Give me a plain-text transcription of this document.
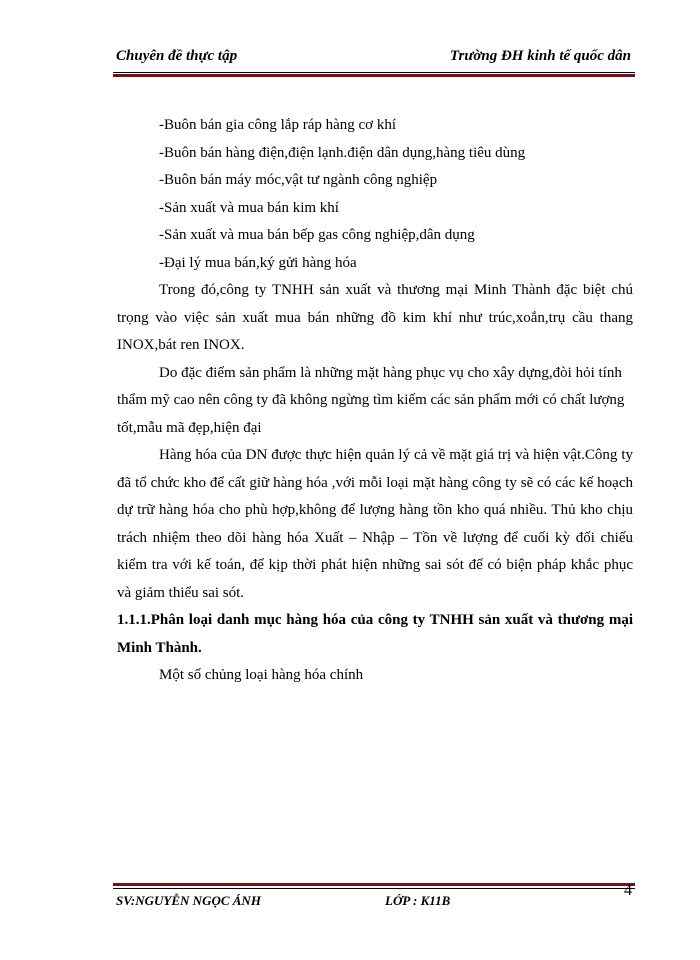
Chuyên đề thực tập	Trường ĐH kinh tế quốc dân

-Buôn bán gia công lắp ráp hàng cơ khí

-Buôn bán hàng điện,điện lạnh.điện dân dụng,hàng tiêu dùng

-Buôn bán máy móc,vật tư ngành công nghiệp

-Sản xuất và mua bán kim khí

-Sản xuất và mua bán bếp gas công nghiệp,dân dụng

-Đại lý mua bán,ký gửi hàng hóa

Trong đó,công ty TNHH sản xuất và thương mại Minh Thành đặc biệt chú trọng vào việc sản xuất mua bán những đồ kim khí như trúc,xoắn,trụ cầu thang INOX,bát ren INOX.

Do đặc điểm sản phẩm là những mặt hàng phục vụ cho xây dựng,đòi hỏi tính thẩm mỹ cao nên công ty đã không ngừng tìm kiếm các sản phẩm mới có chất lượng tốt,mẫu mã đẹp,hiện đại

Hàng hóa của DN được thực hiện quản lý cả về mặt giá trị và hiện vật.Công ty đã tổ chức kho để cất giữ hàng hóa ,với mỗi loại mặt hàng công ty sẽ có các kế hoạch dự trữ hàng hóa cho phù hợp,không để lượng hàng tồn kho quá nhiều. Thủ kho chịu trách nhiệm theo dõi hàng hóa Xuất – Nhập – Tồn về lượng để cuối kỳ đối chiếu kiểm tra với kế toán, để kịp thời phát hiện những sai sót để có biện pháp khắc phục và giảm thiểu sai sót.

1.1.1.Phân loại danh mục hàng hóa của công ty TNHH sản xuất và thương mại Minh Thành.

Một số chủng loại hàng hóa chính

SV:NGUYỄN NGỌC ÁNH	LỚP : K11B
4
